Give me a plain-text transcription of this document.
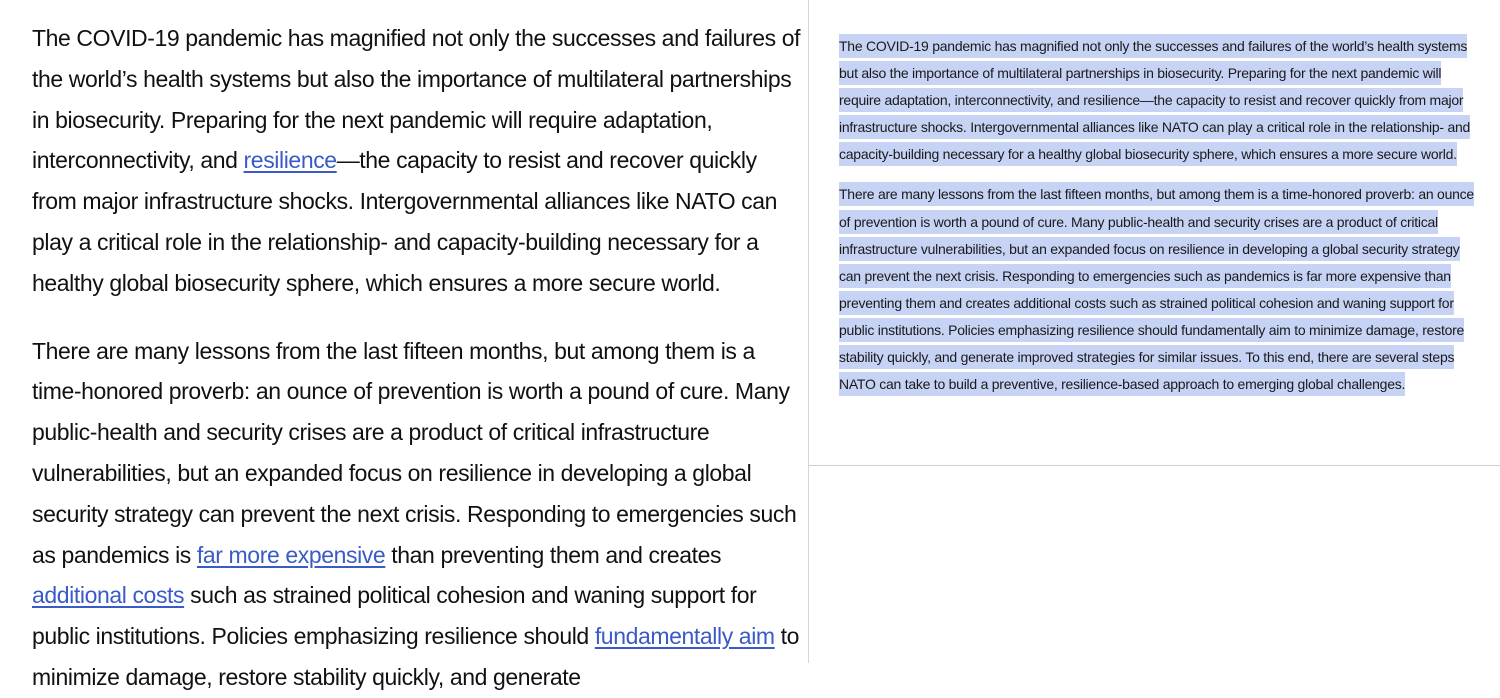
The COVID-19 pandemic has magnified not only the successes and failures of the world’s health systems but also the importance of multilateral partnerships in biosecurity. Preparing for the next pandemic will require adaptation, interconnectivity, and resilience—the capacity to resist and recover quickly from major infrastructure shocks. Intergovernmental alliances like NATO can play a critical role in the relationship- and capacity-building necessary for a healthy global biosecurity sphere, which ensures a more secure world.

There are many lessons from the last fifteen months, but among them is a time-honored proverb: an ounce of prevention is worth a pound of cure. Many public-health and security crises are a product of critical infrastructure vulnerabilities, but an expanded focus on resilience in developing a global security strategy can prevent the next crisis. Responding to emergencies such as pandemics is far more expensive than preventing them and creates additional costs such as strained political cohesion and waning support for public institutions. Policies emphasizing resilience should fundamentally aim to minimize damage, restore stability quickly, and generate

The COVID-19 pandemic has magnified not only the successes and failures of the world’s health systems but also the importance of multilateral partnerships in biosecurity. Preparing for the next pandemic will require adaptation, interconnectivity, and resilience—the capacity to resist and recover quickly from major infrastructure shocks. Intergovernmental alliances like NATO can play a critical role in the relationship- and capacity-building necessary for a healthy global biosecurity sphere, which ensures a more secure world.

There are many lessons from the last fifteen months, but among them is a time-honored proverb: an ounce of prevention is worth a pound of cure. Many public-health and security crises are a product of critical infrastructure vulnerabilities, but an expanded focus on resilience in developing a global security strategy can prevent the next crisis. Responding to emergencies such as pandemics is far more expensive than preventing them and creates additional costs such as strained political cohesion and waning support for public institutions. Policies emphasizing resilience should fundamentally aim to minimize damage, restore stability quickly, and generate improved strategies for similar issues. To this end, there are several steps NATO can take to build a preventive, resilience-based approach to emerging global challenges.
